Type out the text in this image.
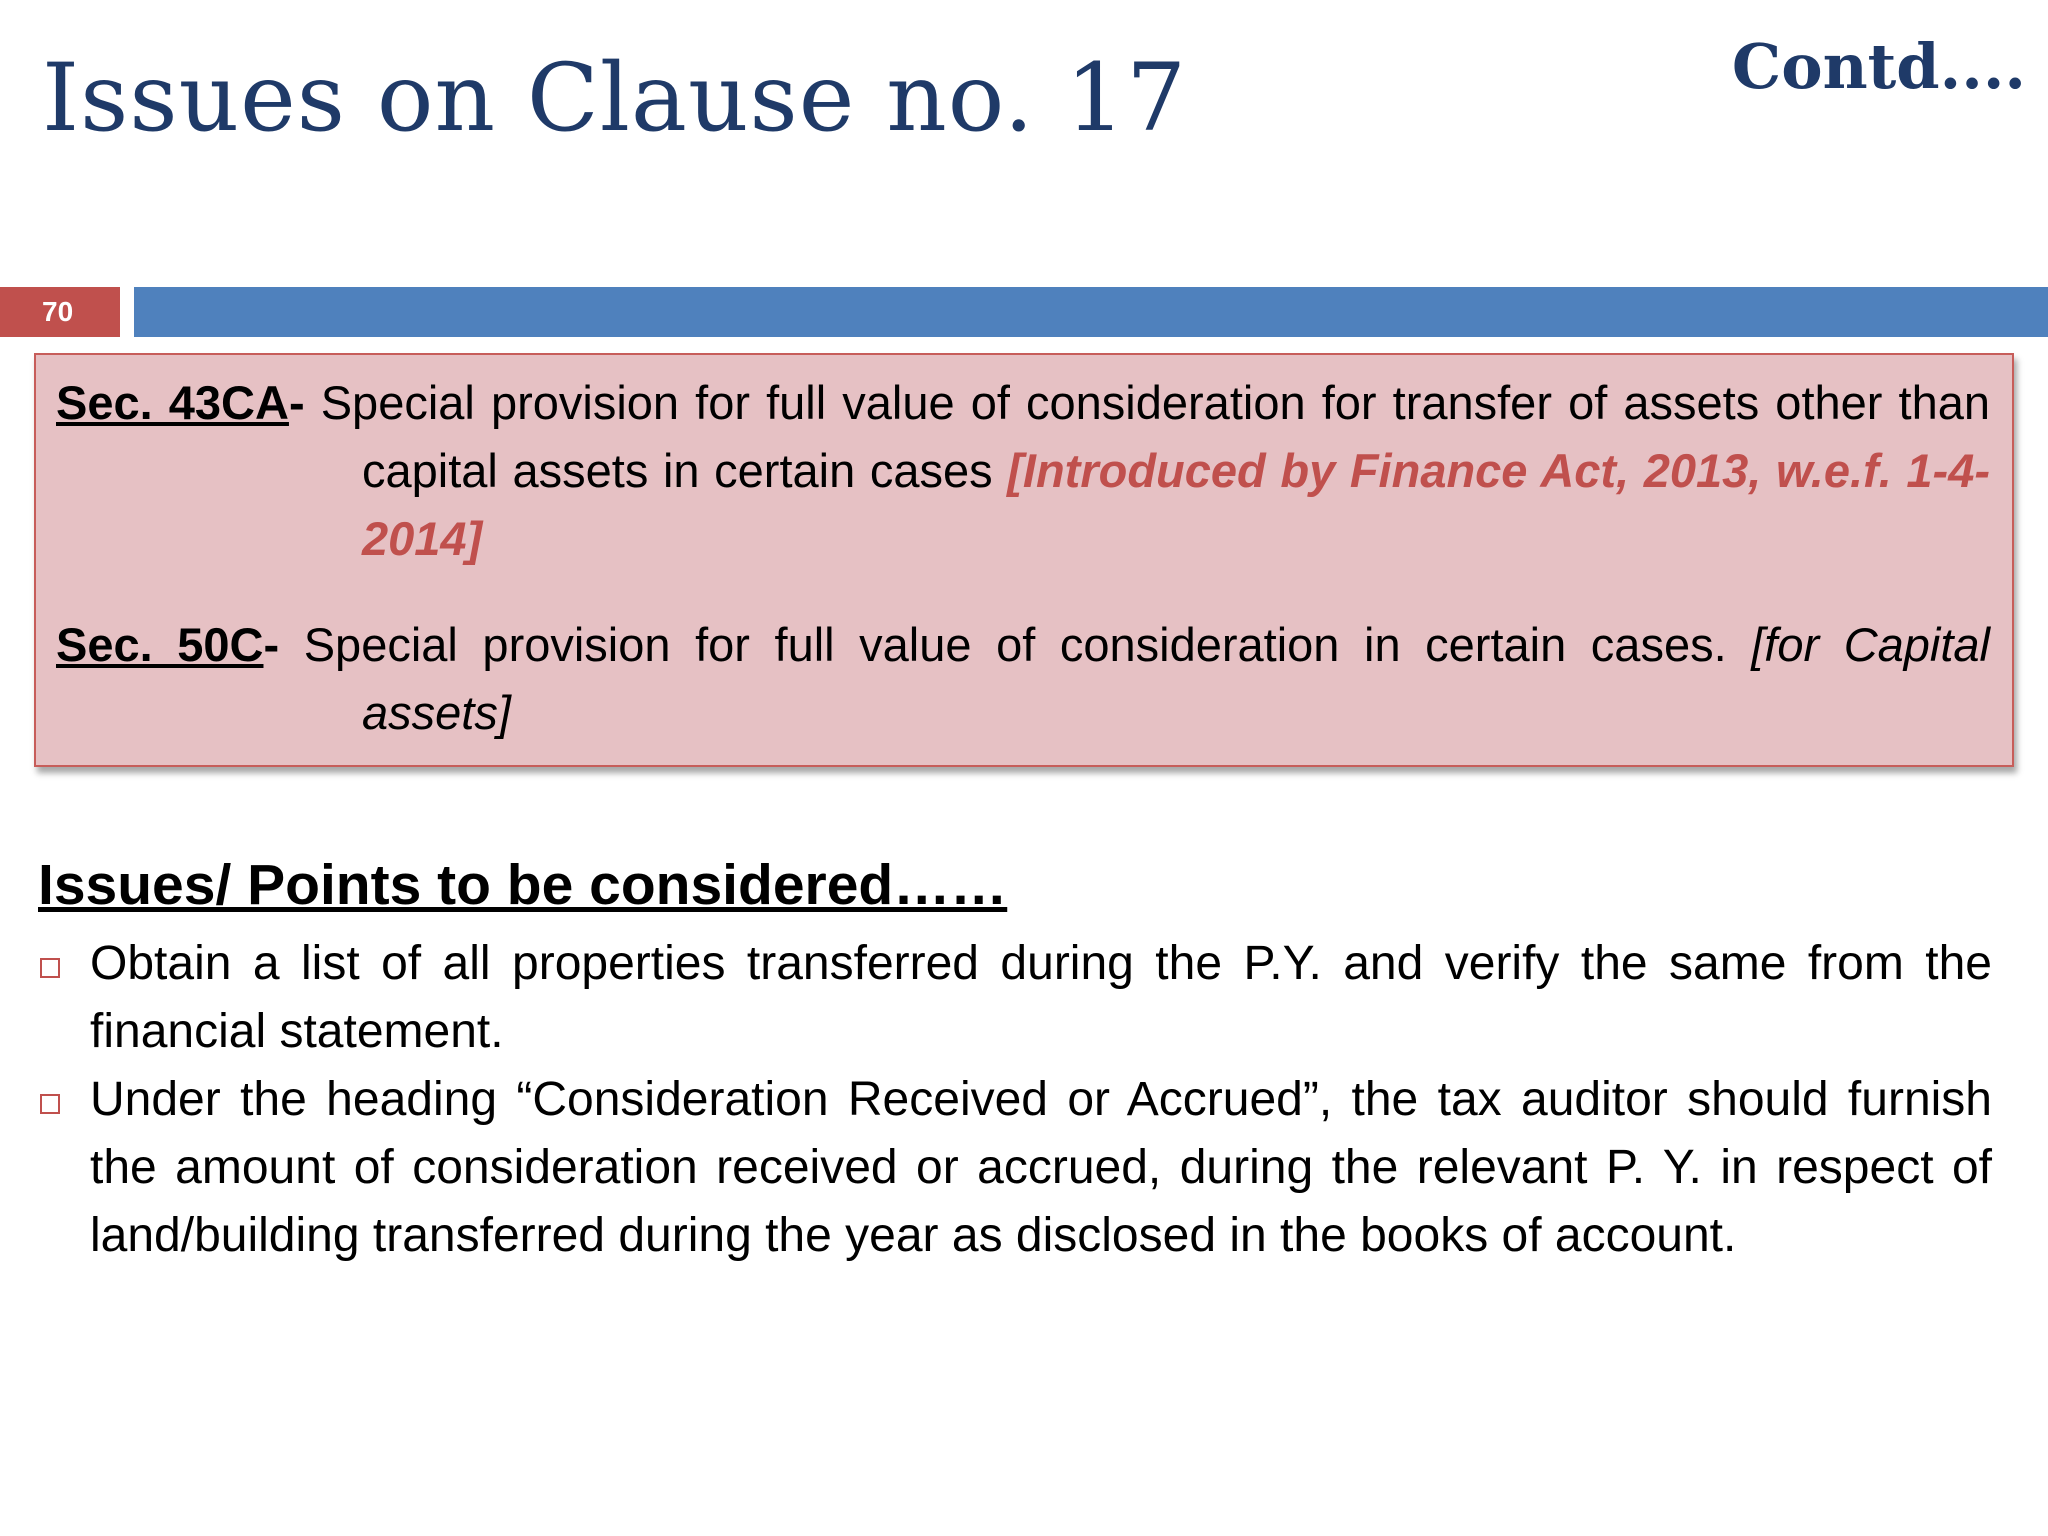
Issues on Clause no. 17	Contd....
70
Sec. 43CA- Special provision for full value of consideration for transfer of assets other than capital assets in certain cases [Introduced by Finance Act, 2013, w.e.f. 1-4-2014]
Sec. 50C- Special provision for full value of consideration in certain cases. [for Capital assets]
Issues/ Points to be considered……
Obtain a list of all properties transferred during the P.Y. and verify the same from the financial statement.
Under the heading “Consideration Received or Accrued”, the tax auditor should furnish the amount of consideration received or accrued, during the relevant P. Y. in respect of land/building transferred during the year as disclosed in the books of account.
